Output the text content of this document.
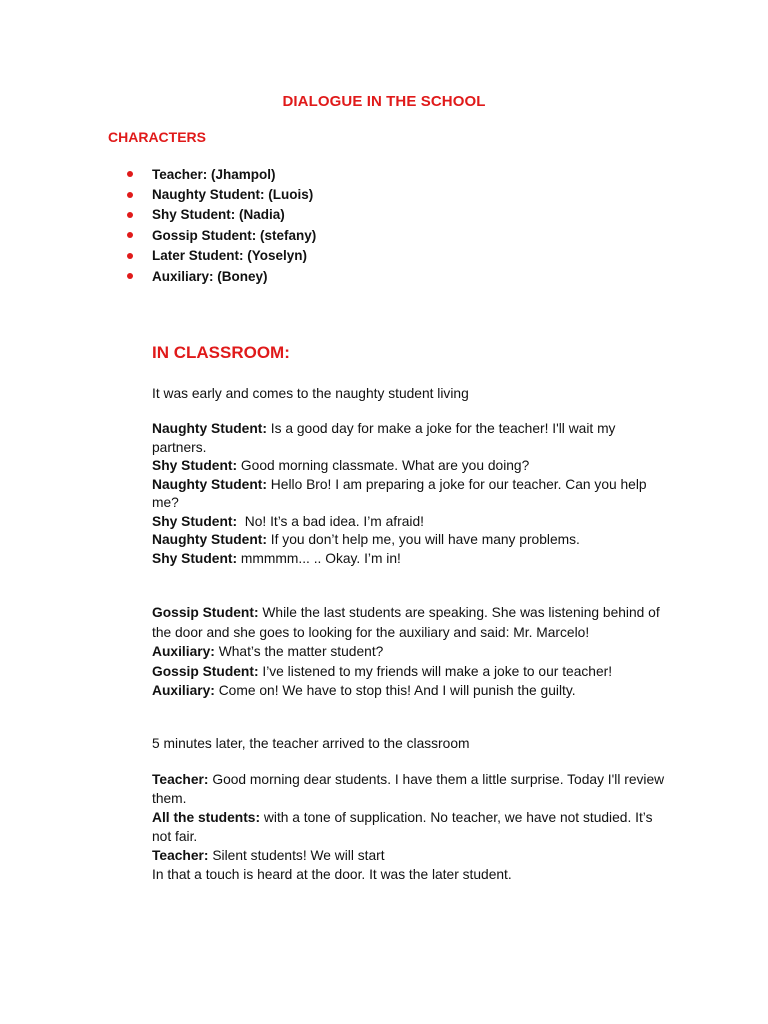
DIALOGUE IN THE SCHOOL
CHARACTERS
Teacher: (Jhampol)
Naughty Student: (Luois)
Shy Student: (Nadia)
Gossip Student: (stefany)
Later Student: (Yoselyn)
Auxiliary: (Boney)
IN CLASSROOM:
It was early and comes to the naughty student living
Naughty Student: Is a good day for make a joke for the teacher! I'll wait my partners.
Shy Student: Good morning classmate. What are you doing?
Naughty Student: Hello Bro! I am preparing a joke for our teacher. Can you help me?
Shy Student:  No! It’s a bad idea. I’m afraid!
Naughty Student: If you don’t help me, you will have many problems.
Shy Student: mmmmm... .. Okay. I’m in!
Gossip Student: While the last students are speaking. She was listening behind of the door and she goes to looking for the auxiliary and said: Mr. Marcelo!
Auxiliary: What’s the matter student?
Gossip Student: I’ve listened to my friends will make a joke to our teacher!
Auxiliary: Come on! We have to stop this! And I will punish the guilty.
5 minutes later, the teacher arrived to the classroom
Teacher: Good morning dear students. I have them a little surprise. Today I'll review them.
All the students: with a tone of supplication. No teacher, we have not studied. It’s not fair.
Teacher: Silent students! We will start
In that a touch is heard at the door. It was the later student.
